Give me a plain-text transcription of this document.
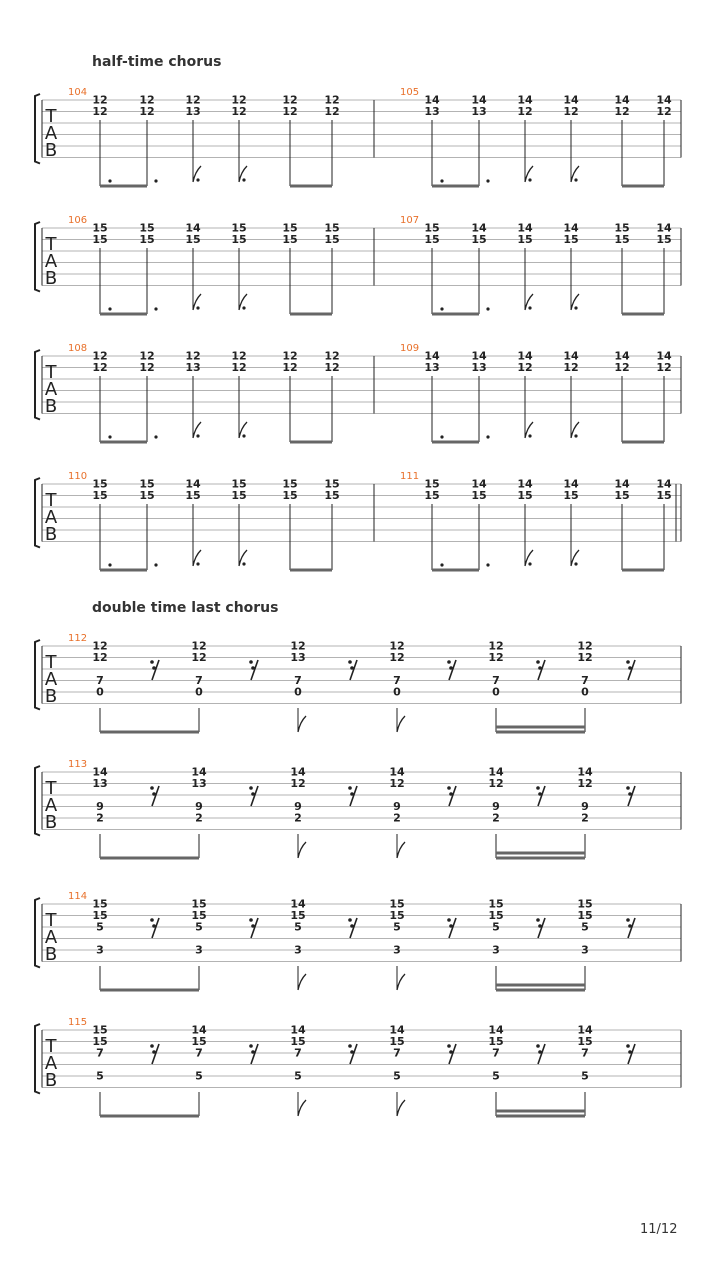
half-time chorus
double time last chorus
T
A
B
104
12
12
12
12
12
13
12
12
12
12
12
12
105
14
13
14
13
14
12
14
12
14
12
14
12
T
A
B
106
15
15
15
15
14
15
15
15
15
15
15
15
107
15
15
14
15
14
15
14
15
15
15
14
15
T
A
B
108
12
12
12
12
12
13
12
12
12
12
12
12
109
14
13
14
13
14
12
14
12
14
12
14
12
T
A
B
110
15
15
15
15
14
15
15
15
15
15
15
15
111
15
15
14
15
14
15
14
15
14
15
14
15
T
A
B
112
12
12
7
0
12
12
7
0
12
13
7
0
12
12
7
0
12
12
7
0
12
12
7
0
T
A
B
113
14
13
9
2
14
13
9
2
14
12
9
2
14
12
9
2
14
12
9
2
14
12
9
2
T
A
B
114
15
15
5
3
15
15
5
3
14
15
5
3
15
15
5
3
15
15
5
3
15
15
5
3
T
A
B
115
15
15
7
5
14
15
7
5
14
15
7
5
14
15
7
5
14
15
7
5
14
15
7
5
11/12
